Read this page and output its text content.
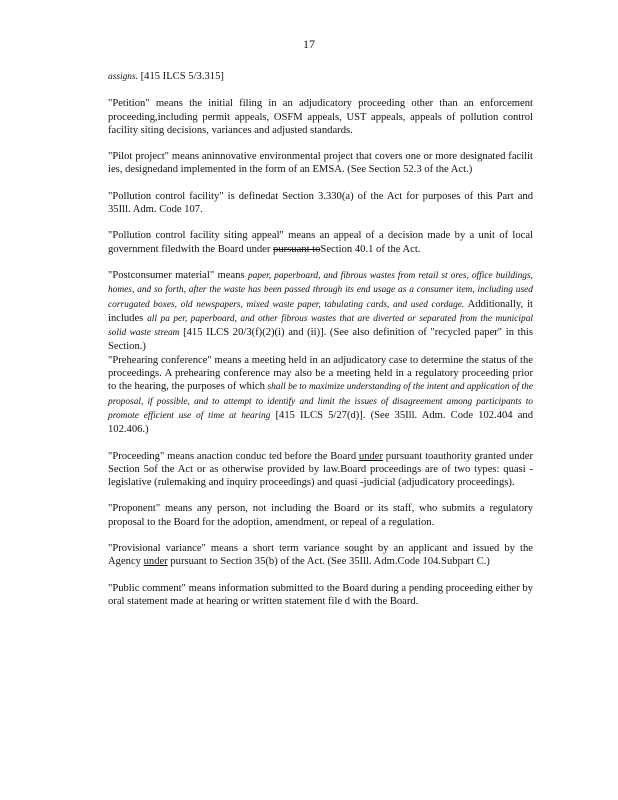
17

assigns. [415 ILCS 5/3.315]

"Petition" means the initial filing in an adjudicatory proceeding other than an enforcement proceeding,including permit appeals, OSFM appeals, UST appeals, appeals of pollution control facility siting decisions, variances and adjusted standards.

"Pilot project" means aninnovative environmental project that covers one or more designated facilit ies, designedand implemented in the form of an EMSA. (See Section 52.3 of the Act.)

"Pollution control facility" is definedat Section 3.330(a) of the Act for purposes of this Part and 35Ill. Adm. Code 107.

"Pollution control facility siting appeal" means an appeal of a decision made by a unit of local government filedwith the Board under pursuant toSection 40.1 of the Act.

"Postconsumer material" means paper, paperboard, and fibrous wastes from retail st ores, office buildings, homes, and so forth, after the waste has been passed through its end usage as a consumer item, including used corrugated boxes, old newspapers, mixed waste paper, tabulating cards, and used cordage. Additionally, it includes all pa per, paperboard, and other fibrous wastes that are diverted or separated from the municipal solid waste stream [415 ILCS 20/3(f)(2)(i) and (ii)]. (See also definition of "recycled paper" in this Section.)

"Prehearing conference" means a meeting held in an adjudicatory case to determine the status of the proceedings. A prehearing conference may also be a meeting held in a regulatory proceeding prior to the hearing, the purposes of which shall be to maximize understanding of the intent and application of the proposal, if possible, and to attempt to identify and limit the issues of disagreement among participants to promote efficient use of time at hearing [415 ILCS 5/27(d)]. (See 35Ill. Adm. Code 102.404 and 102.406.)

"Proceeding" means anaction conduc ted before the Board under pursuant toauthority granted under Section 5of the Act or as otherwise provided by law.Board proceedings are of two types: quasi -legislative (rulemaking and inquiry proceedings) and quasi -judicial (adjudicatory proceedings).

"Proponent" means any person, not including the Board or its staff, who submits a regulatory proposal to the Board for the adoption, amendment, or repeal of a regulation.

"Provisional variance" means a short term variance sought by an applicant and issued by the Agency under pursuant to Section 35(b) of the Act. (See 35Ill. Adm.Code 104.Subpart C.)

"Public comment" means information submitted to the Board during a pending proceeding either by oral statement made at hearing or written statement file d with the Board.
